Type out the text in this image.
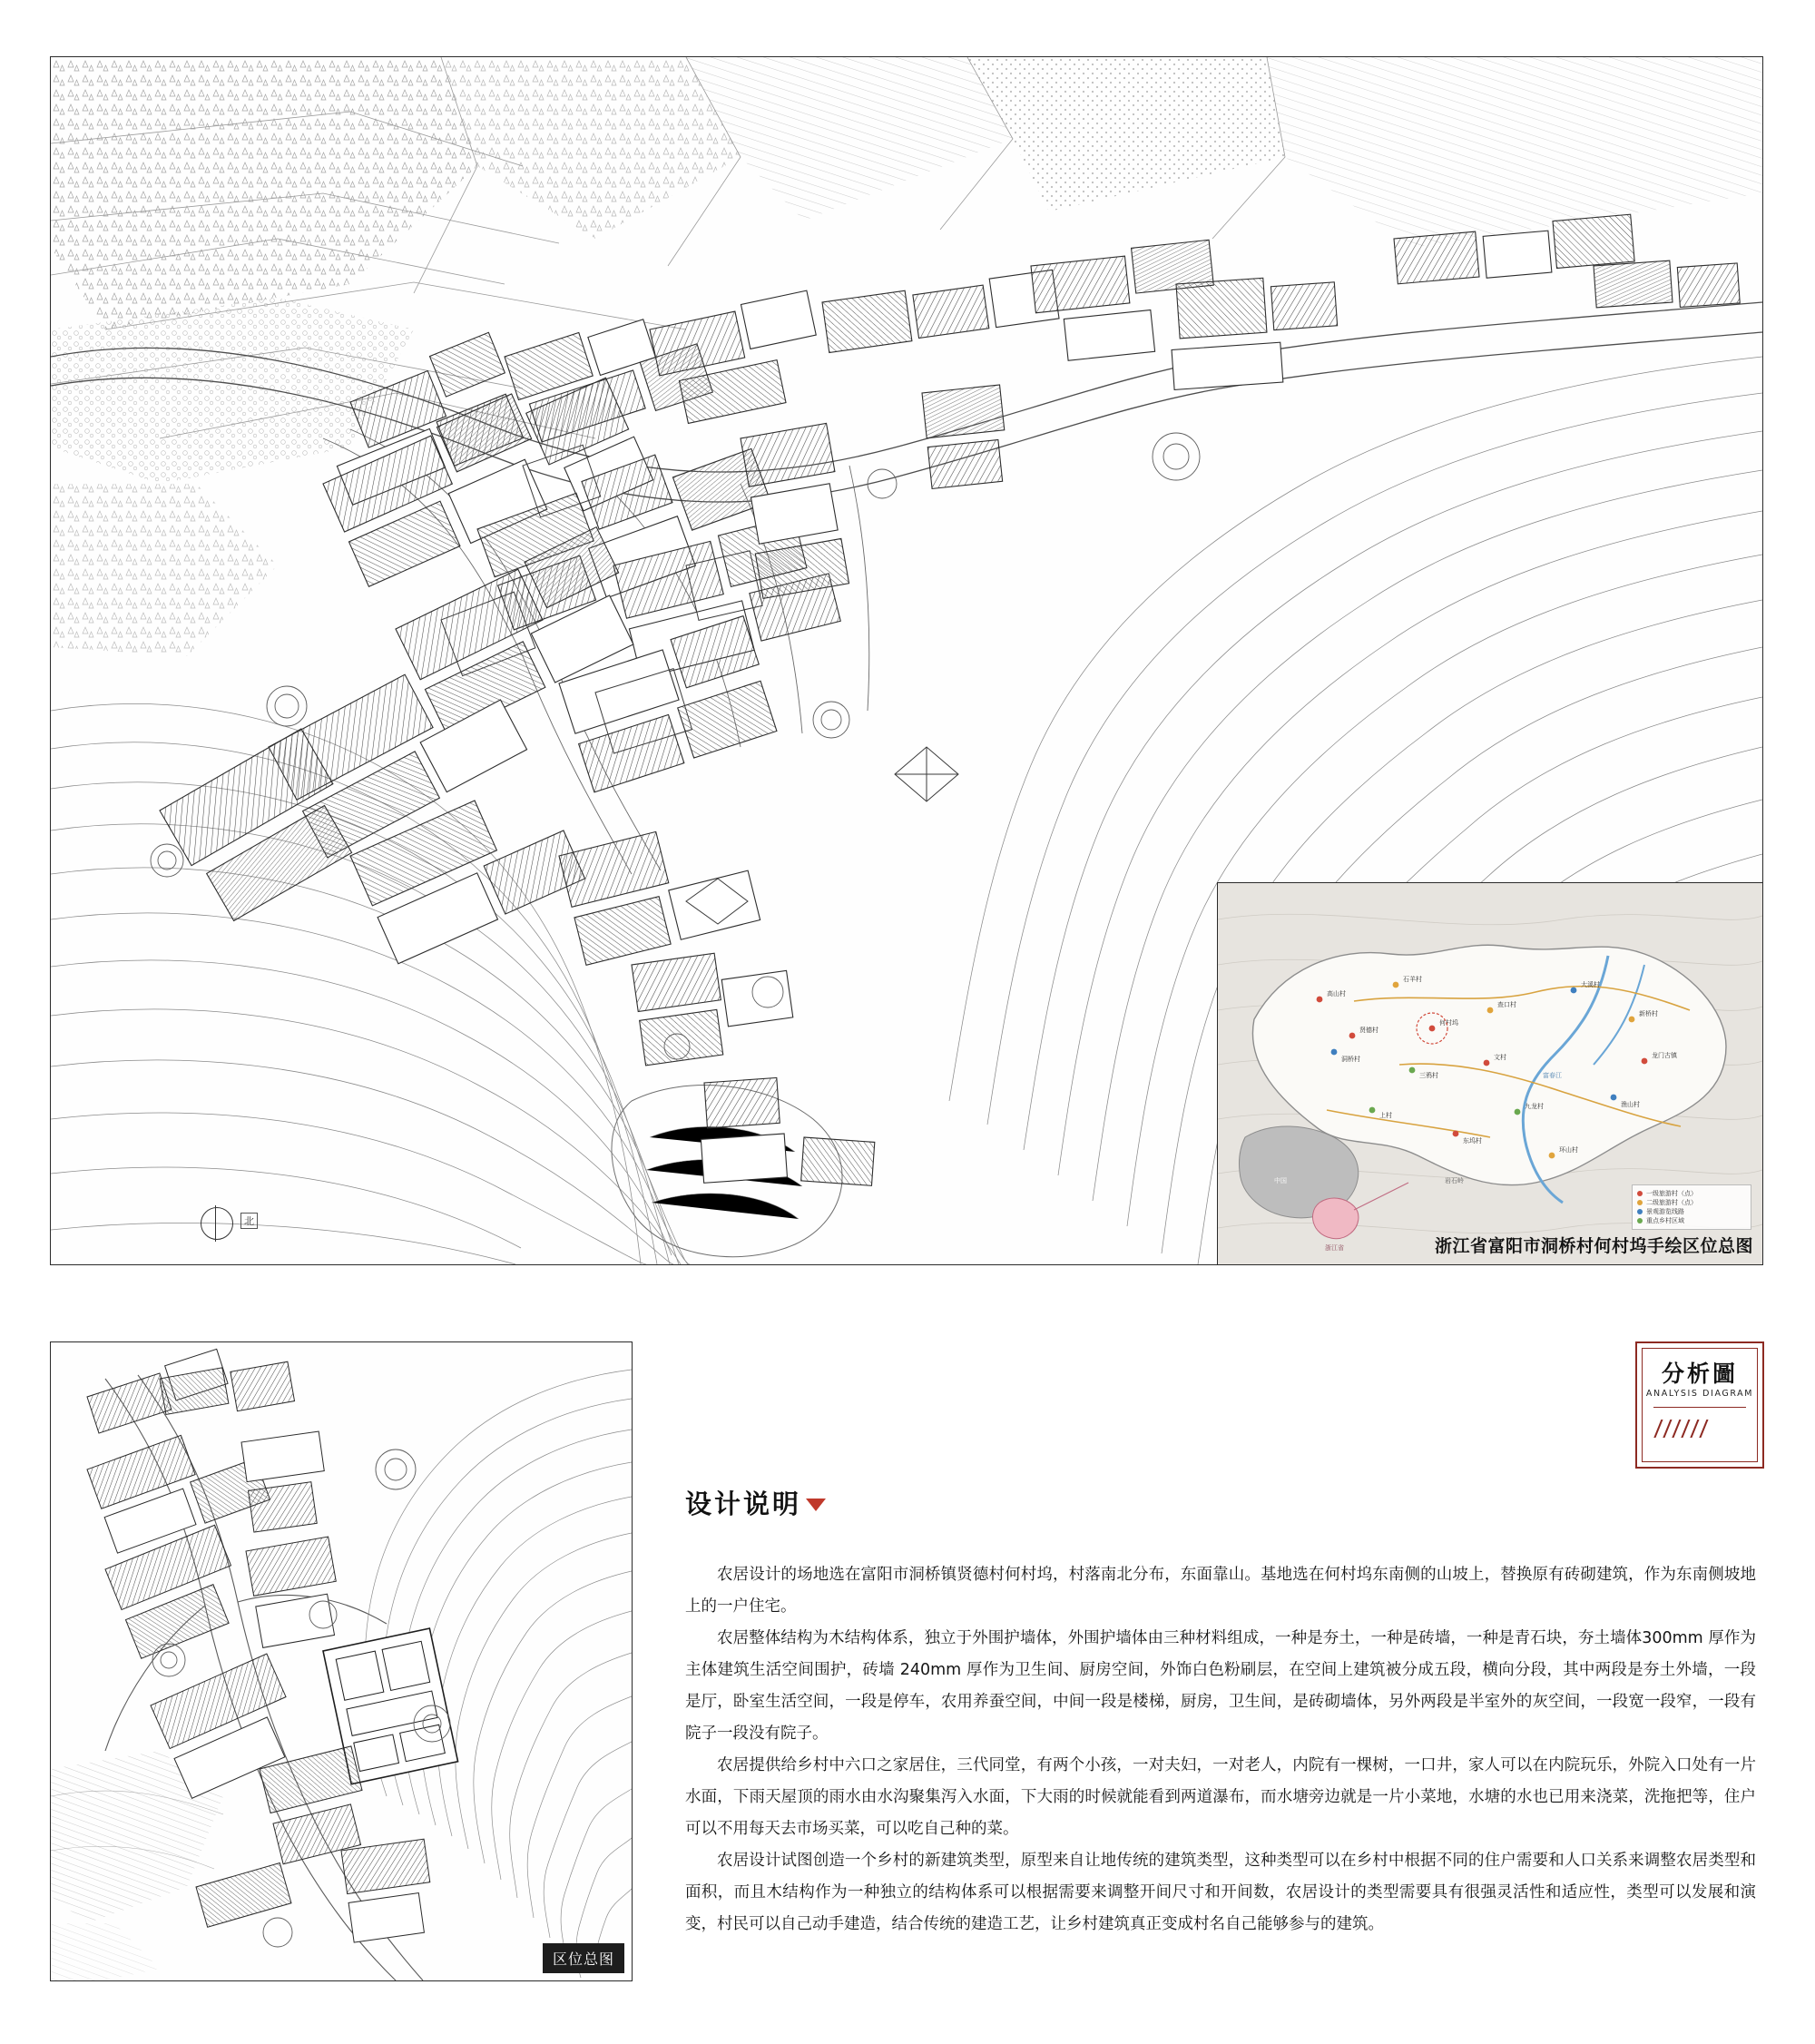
北
高山村
石羊村
贤德村
洞桥村
何村坞
查口村
三鸦村
文村
大溪村
新桥村
龙门古镇
渔山村
九龙村
东坞村
环山村
上村
富春江
岩石岭
中国
浙江省
一级旅游村（点）
二级旅游村（点）
景观游览线路
重点乡村区域
浙江省富阳市洞桥村何村坞手绘区位总图
区位总图
分析圖
ANALYSIS DIAGRAM
设计说明

农居设计的场地选在富阳市洞桥镇贤德村何村坞，村落南北分布，东面靠山。基地选在何村坞东南侧的山坡上，替换原有砖砌建筑，作为东南侧坡地上的一户住宅。

农居整体结构为木结构体系，独立于外围护墙体，外围护墙体由三种材料组成，一种是夯土，一种是砖墙，一种是青石块，夯土墙体300mm 厚作为主体建筑生活空间围护，砖墙 240mm 厚作为卫生间、厨房空间，外饰白色粉刷层，在空间上建筑被分成五段，横向分段，其中两段是夯土外墙，一段是厅，卧室生活空间，一段是停车，农用养蚕空间，中间一段是楼梯，厨房，卫生间，是砖砌墙体，另外两段是半室外的灰空间，一段宽一段窄，一段有院子一段没有院子。

农居提供给乡村中六口之家居住，三代同堂，有两个小孩，一对夫妇，一对老人，内院有一棵树，一口井，家人可以在内院玩乐，外院入口处有一片水面，下雨天屋顶的雨水由水沟聚集泻入水面，下大雨的时候就能看到两道瀑布，而水塘旁边就是一片小菜地，水塘的水也已用来浇菜，洗拖把等，住户可以不用每天去市场买菜，可以吃自己种的菜。

农居设计试图创造一个乡村的新建筑类型，原型来自让地传统的建筑类型，这种类型可以在乡村中根据不同的住户需要和人口关系来调整农居类型和面积，而且木结构作为一种独立的结构体系可以根据需要来调整开间尺寸和开间数，农居设计的类型需要具有很强灵活性和适应性，类型可以发展和演变，村民可以自己动手建造，结合传统的建造工艺，让乡村建筑真正变成村名自己能够参与的建筑。
